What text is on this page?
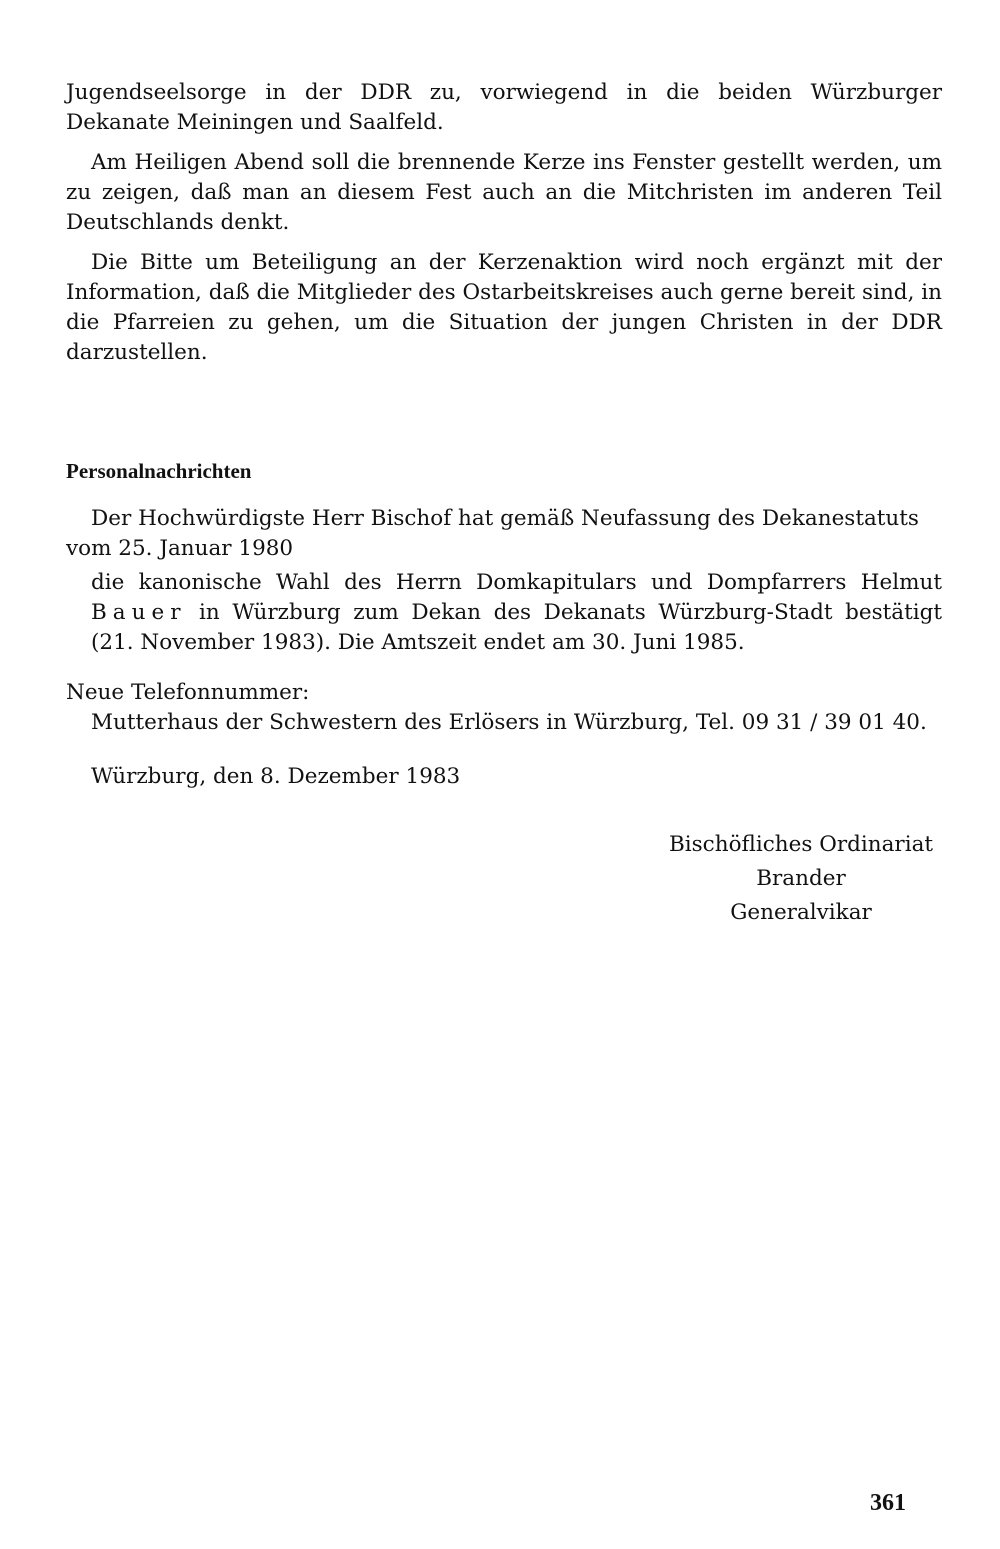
Jugendseelsorge in der DDR zu, vorwiegend in die beiden Würzburger Dekanate Meiningen und Saalfeld.

Am Heiligen Abend soll die brennende Kerze ins Fenster gestellt werden, um zu zeigen, daß man an diesem Fest auch an die Mitchristen im anderen Teil Deutschlands denkt.

Die Bitte um Beteiligung an der Kerzenaktion wird noch ergänzt mit der Information, daß die Mitglieder des Ostarbeitskreises auch gerne bereit sind, in die Pfarreien zu gehen, um die Situation der jungen Christen in der DDR darzustellen.

Personalnachrichten
Der Hochwürdigste Herr Bischof hat gemäß Neufassung des Dekanestatuts
vom 25. Januar 1980
die kanonische Wahl des Herrn Domkapitulars und Dompfarrers Helmut Bauer in Würzburg zum Dekan des Dekanats Würzburg-Stadt bestätigt (21. November 1983). Die Amtszeit endet am 30. Juni 1985.
Neue Telefonnummer:
Mutterhaus der Schwestern des Erlösers in Würzburg, Tel. 09 31 / 39 01 40.
Würzburg, den 8. Dezember 1983
Bischöfliches Ordinariat
Brander
Generalvikar
361
